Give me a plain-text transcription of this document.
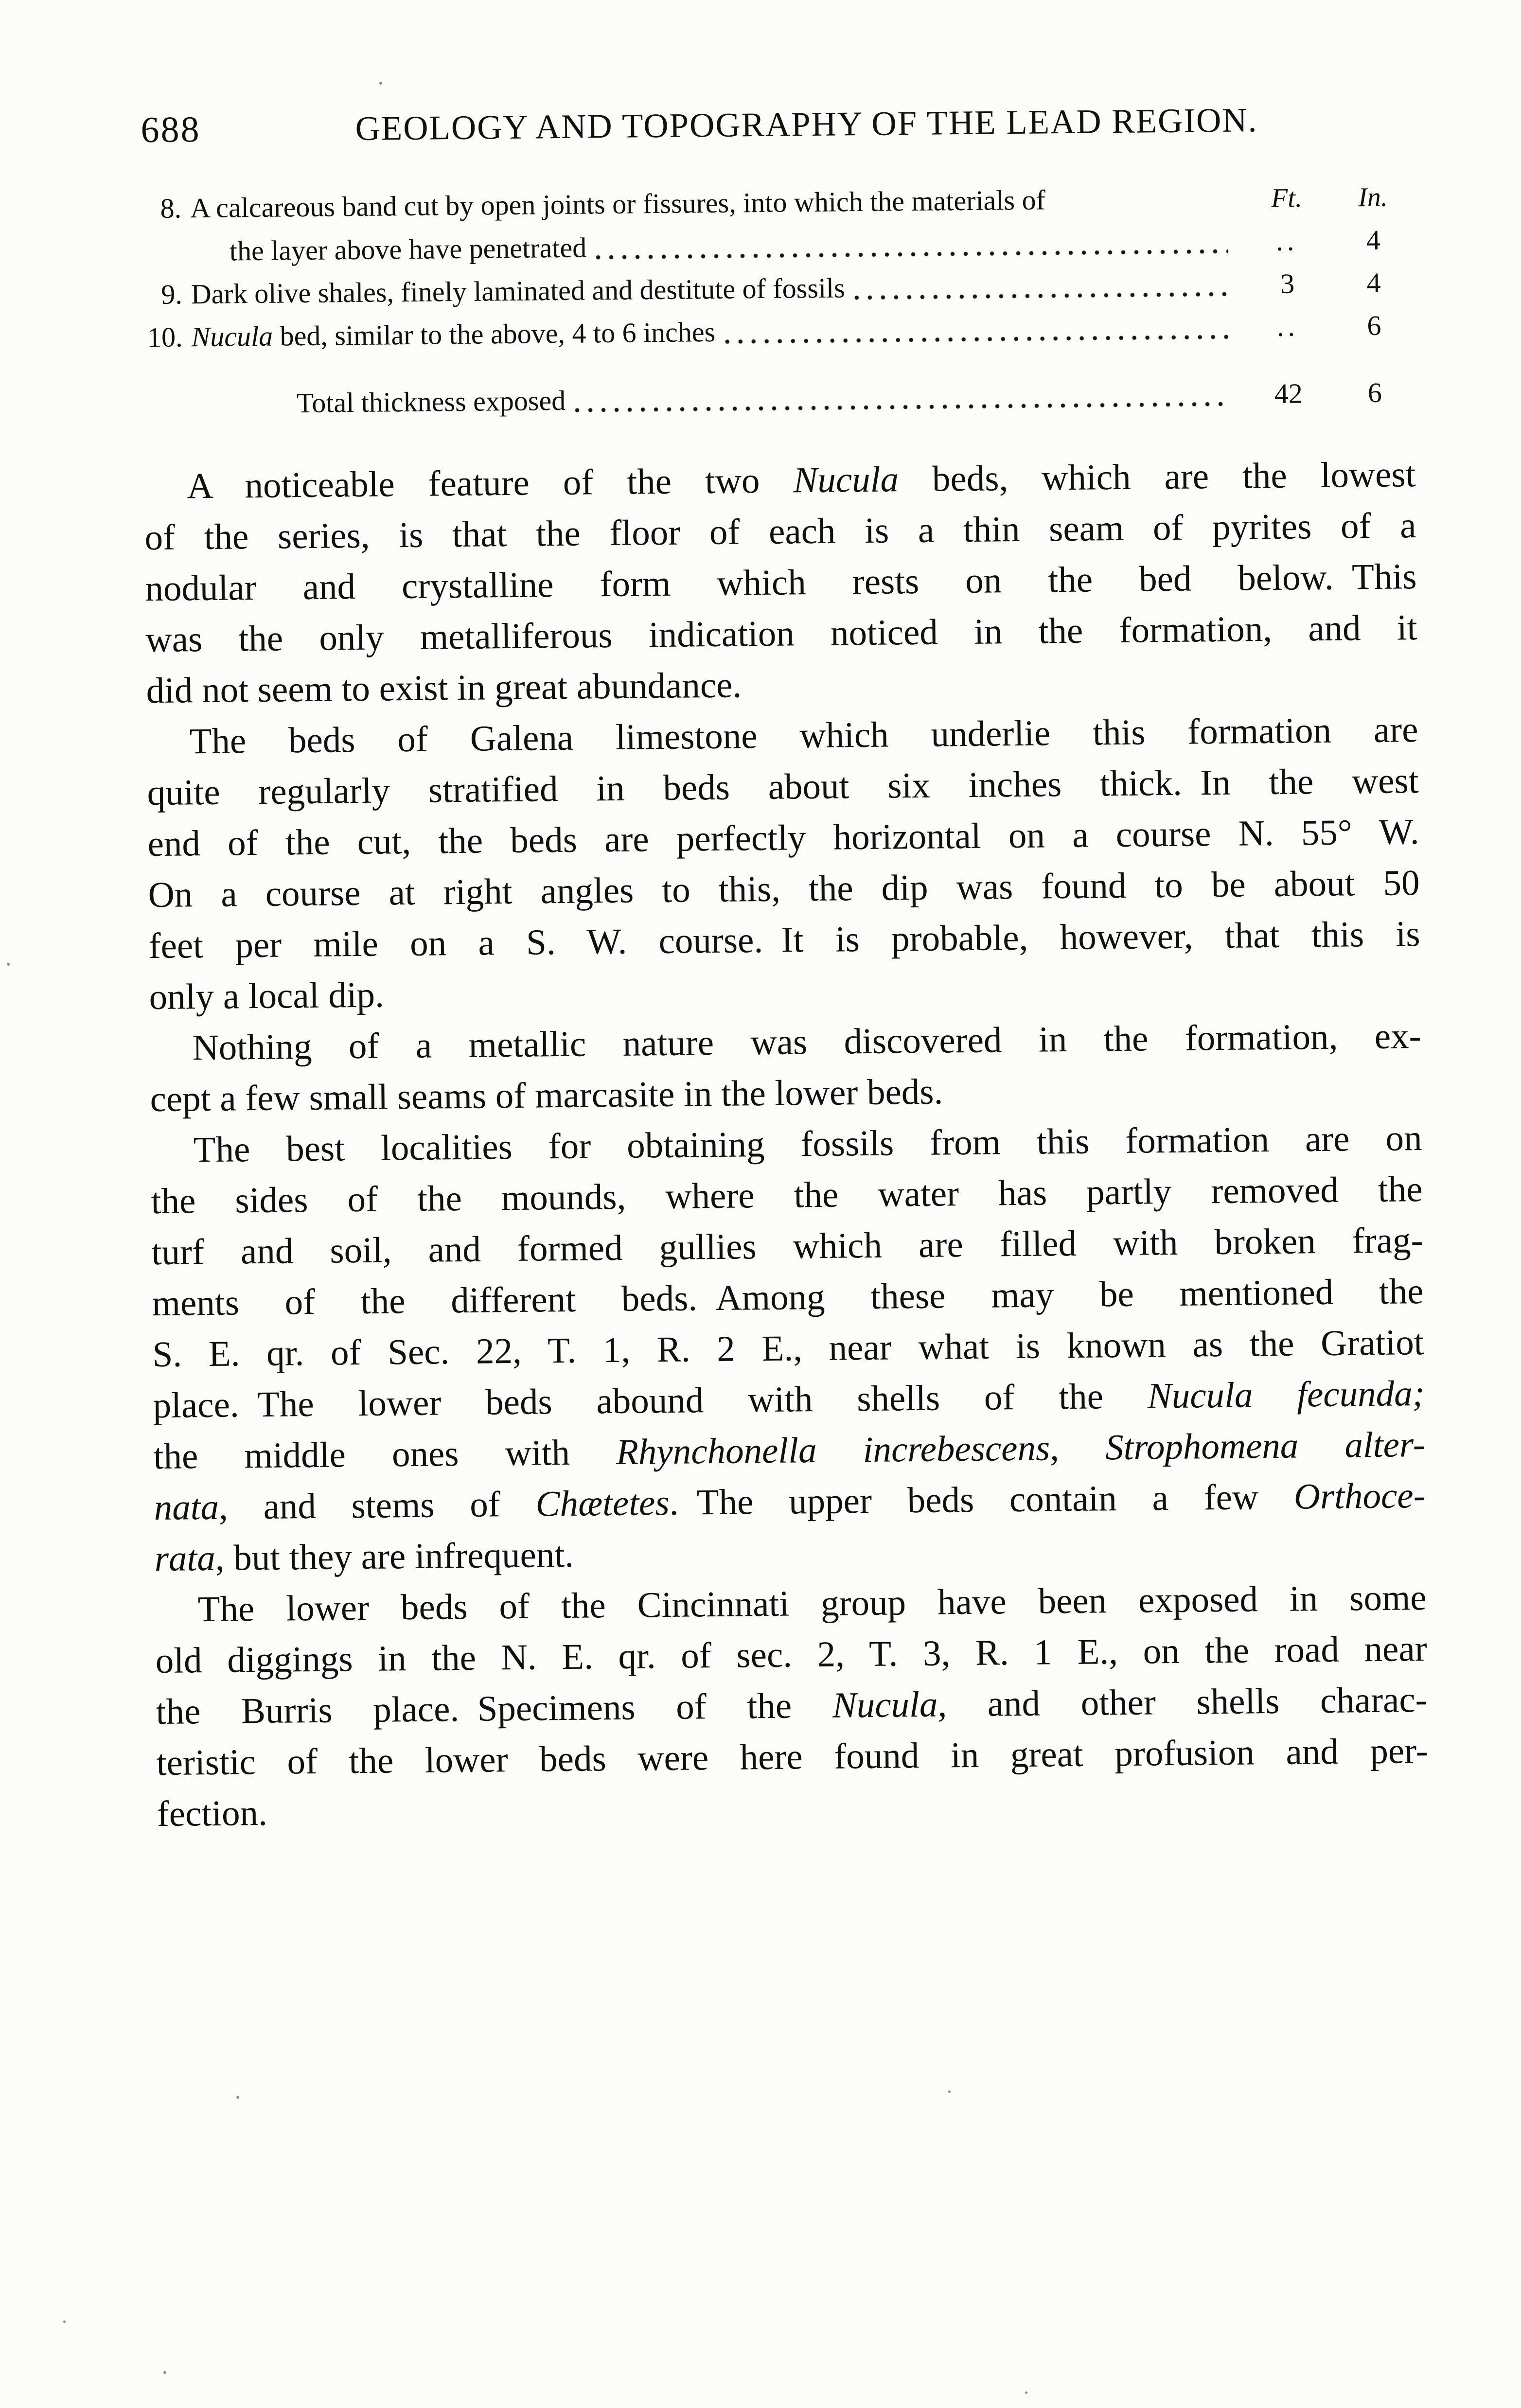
688	GEOLOGY AND TOPOGRAPHY OF THE LEAD REGION.
8. A calcareous band cut by open joints or fissures, into which the materials of	Ft.	In.
the layer above have penetrated	..	4
9. Dark olive shales, finely laminated and destitute of fossils	3	4
10. Nucula bed, similar to the above, 4 to 6 inches	..	6
Total thickness exposed	42	6
A noticeable feature of the two Nucula beds, which are the lowest
of the series, is that the floor of each is a thin seam of pyrites of a
nodular and crystalline form which rests on the bed below. This
was the only metalliferous indication noticed in the formation, and it
did not seem to exist in great abundance.
The beds of Galena limestone which underlie this formation are
quite regularly stratified in beds about six inches thick. In the west
end of the cut, the beds are perfectly horizontal on a course N. 55° W.
On a course at right angles to this, the dip was found to be about 50
feet per mile on a S. W. course. It is probable, however, that this is
only a local dip.
Nothing of a metallic nature was discovered in the formation, ex-
cept a few small seams of marcasite in the lower beds.
The best localities for obtaining fossils from this formation are on
the sides of the mounds, where the water has partly removed the
turf and soil, and formed gullies which are filled with broken frag-
ments of the different beds. Among these may be mentioned the
S. E. qr. of Sec. 22, T. 1, R. 2 E., near what is known as the Gratiot
place. The lower beds abound with shells of the Nucula fecunda;
the middle ones with Rhynchonella increbescens, Strophomena alter-
nata, and stems of Chætetes. The upper beds contain a few Orthoce-
rata, but they are infrequent.
The lower beds of the Cincinnati group have been exposed in some
old diggings in the N. E. qr. of sec. 2, T. 3, R. 1 E., on the road near
the Burris place. Specimens of the Nucula, and other shells charac-
teristic of the lower beds were here found in great profusion and per-
fection.
